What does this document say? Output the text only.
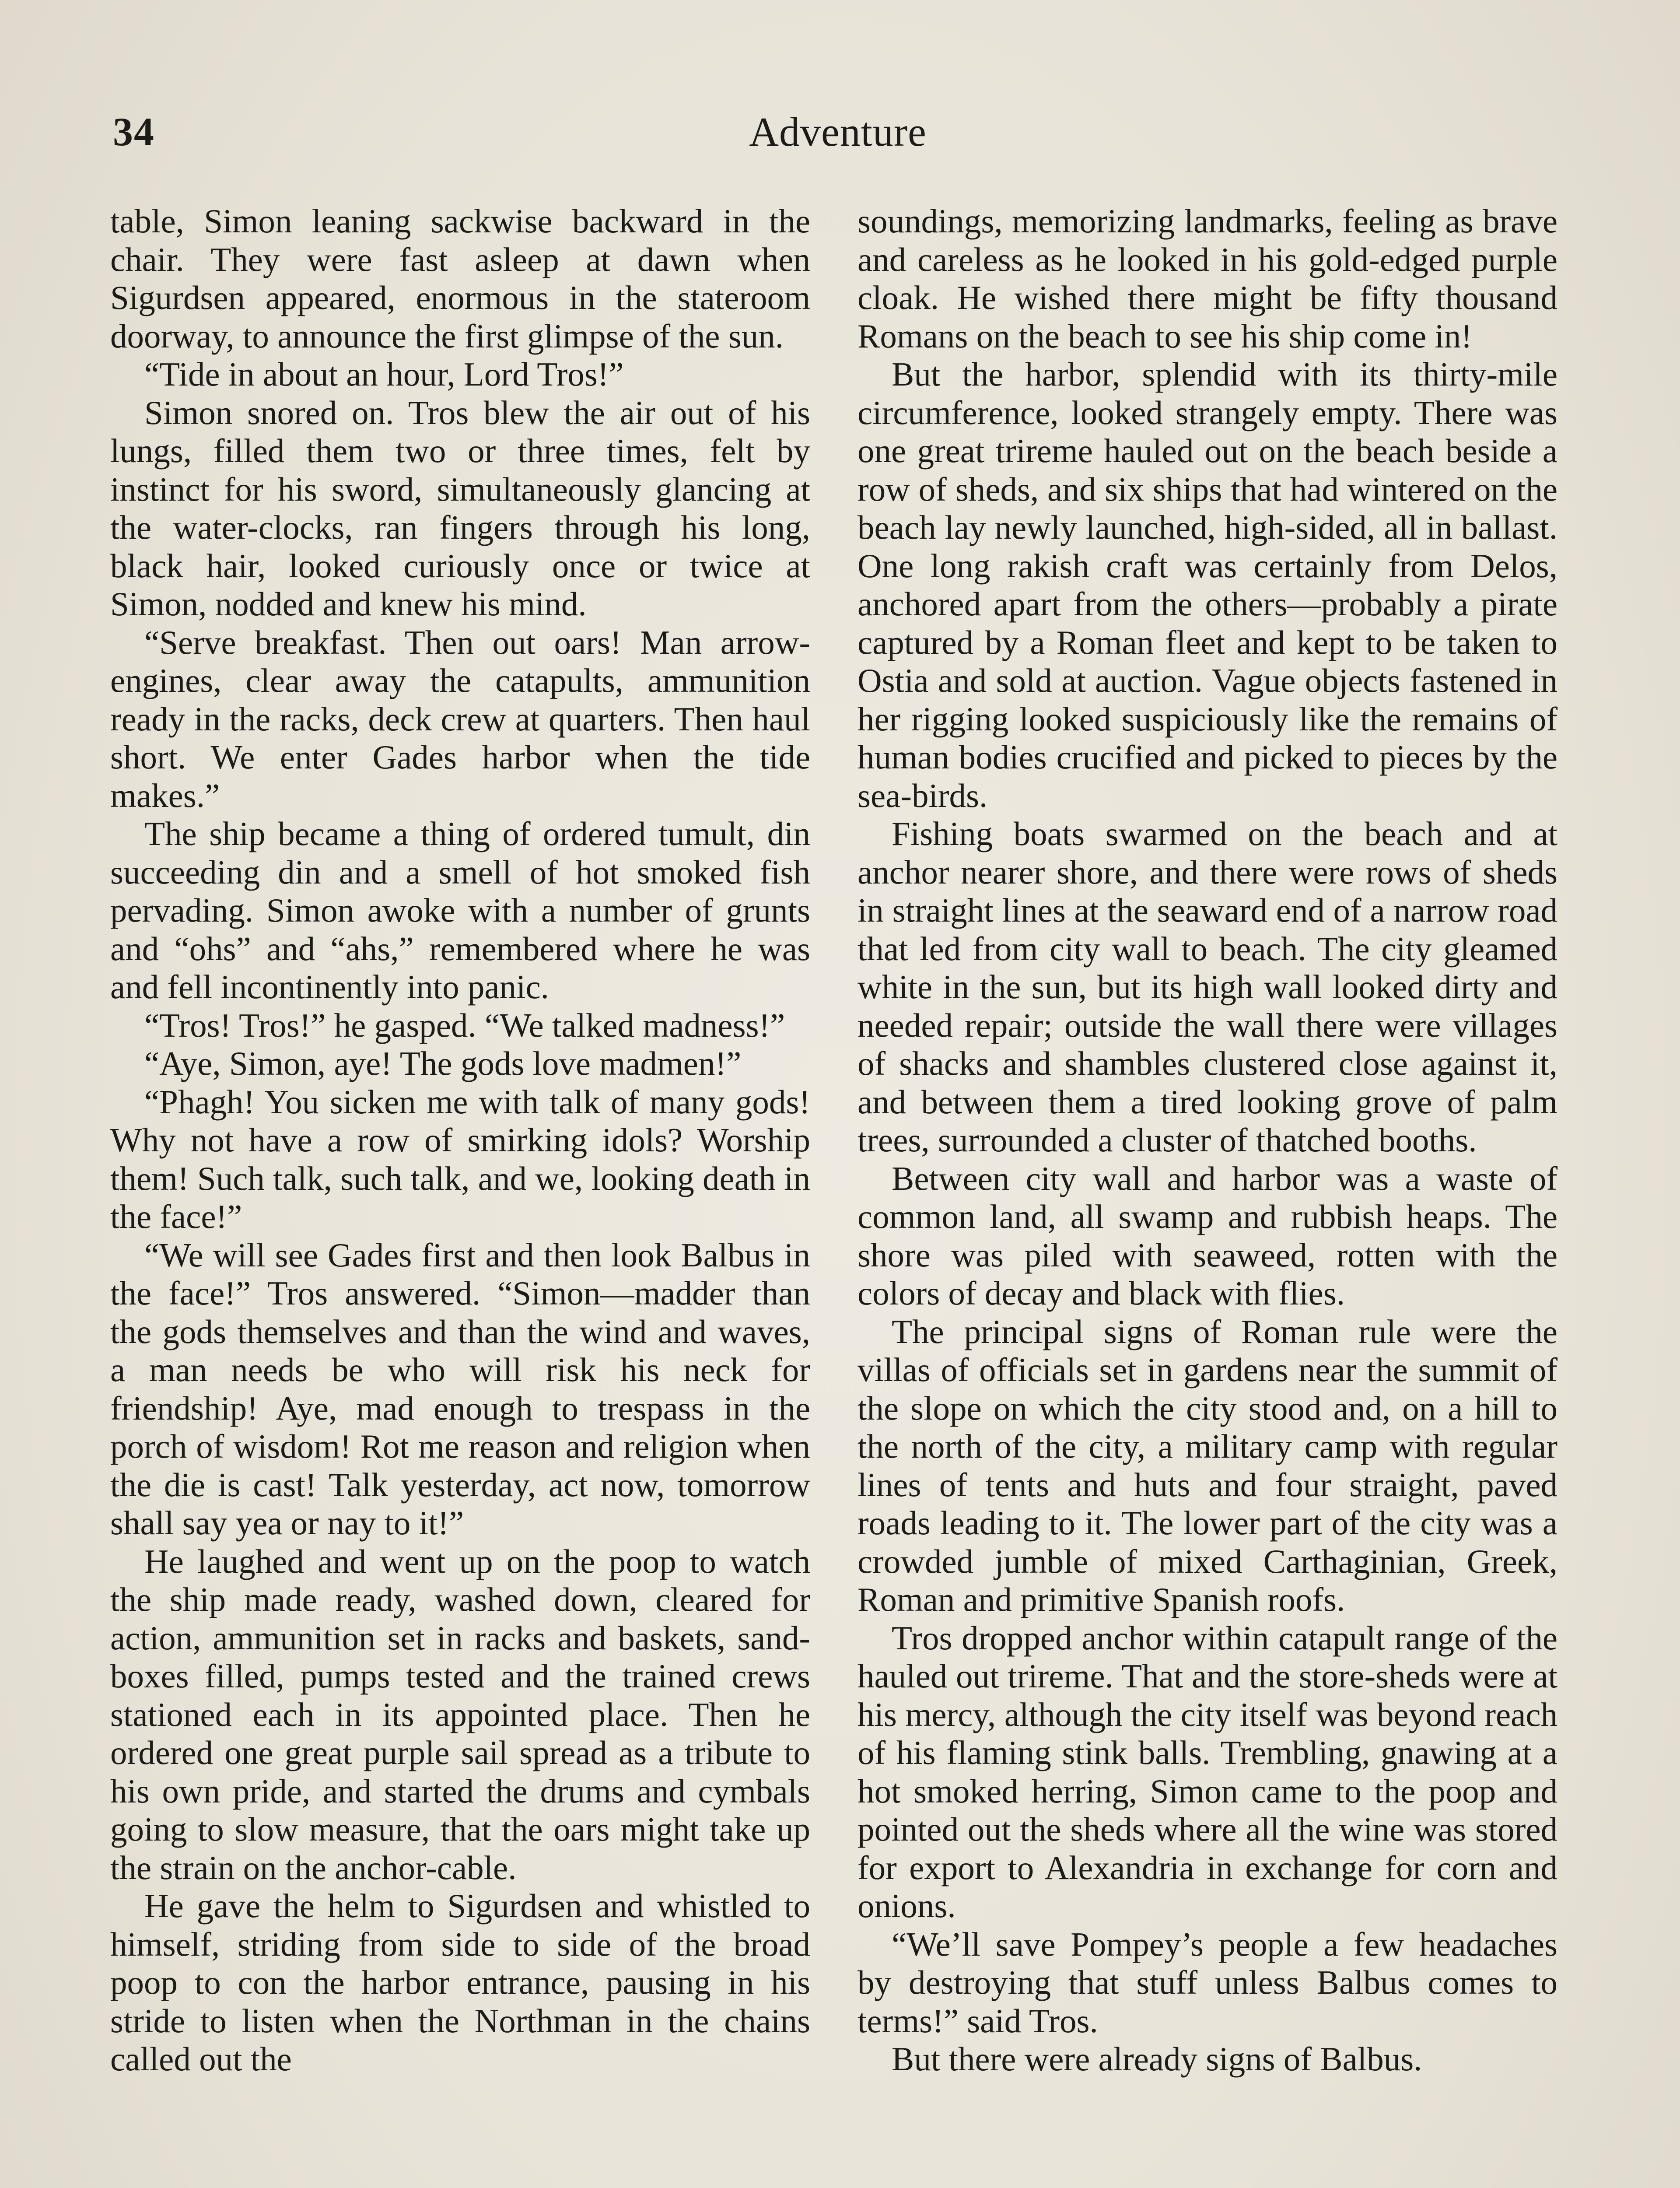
34	Adventure

table, Simon leaning sackwise backward in the chair. They were fast asleep at dawn when Sigurdsen appeared, enormous in the stateroom doorway, to announce the first glimpse of the sun.

“Tide in about an hour, Lord Tros!”

Simon snored on. Tros blew the air out of his lungs, filled them two or three times, felt by instinct for his sword, simultaneously glancing at the water-clocks, ran fingers through his long, black hair, looked curiously once or twice at Simon, nodded and knew his mind.

“Serve breakfast. Then out oars! Man arrow-engines, clear away the catapults, ammunition ready in the racks, deck crew at quarters. Then haul short. We enter Gades harbor when the tide makes.”

The ship became a thing of ordered tumult, din succeeding din and a smell of hot smoked fish pervading. Simon awoke with a number of grunts and “ohs” and “ahs,” remembered where he was and fell incontinently into panic.

“Tros! Tros!” he gasped. “We talked madness!”

“Aye, Simon, aye! The gods love madmen!”

“Phagh! You sicken me with talk of many gods! Why not have a row of smirking idols? Worship them! Such talk, such talk, and we, looking death in the face!”

“We will see Gades first and then look Balbus in the face!” Tros answered. “Simon—madder than the gods themselves and than the wind and waves, a man needs be who will risk his neck for friendship! Aye, mad enough to trespass in the porch of wisdom! Rot me reason and religion when the die is cast! Talk yesterday, act now, tomorrow shall say yea or nay to it!”

He laughed and went up on the poop to watch the ship made ready, washed down, cleared for action, ammunition set in racks and baskets, sand-boxes filled, pumps tested and the trained crews stationed each in its appointed place. Then he ordered one great purple sail spread as a tribute to his own pride, and started the drums and cymbals going to slow measure, that the oars might take up the strain on the anchor-cable.

He gave the helm to Sigurdsen and whistled to himself, striding from side to side of the broad poop to con the harbor entrance, pausing in his stride to listen when the Northman in the chains called out the

soundings, memorizing landmarks, feeling as brave and careless as he looked in his gold-edged purple cloak. He wished there might be fifty thousand Romans on the beach to see his ship come in!

But the harbor, splendid with its thirty-mile circumference, looked strangely empty. There was one great trireme hauled out on the beach beside a row of sheds, and six ships that had wintered on the beach lay newly launched, high-sided, all in ballast. One long rakish craft was certainly from Delos, anchored apart from the others—probably a pirate captured by a Roman fleet and kept to be taken to Ostia and sold at auction. Vague objects fastened in her rigging looked suspiciously like the remains of human bodies crucified and picked to pieces by the sea-birds.

Fishing boats swarmed on the beach and at anchor nearer shore, and there were rows of sheds in straight lines at the seaward end of a narrow road that led from city wall to beach. The city gleamed white in the sun, but its high wall looked dirty and needed repair; outside the wall there were villages of shacks and shambles clustered close against it, and between them a tired looking grove of palm trees, surrounded a cluster of thatched booths.

Between city wall and harbor was a waste of common land, all swamp and rubbish heaps. The shore was piled with seaweed, rotten with the colors of decay and black with flies.

The principal signs of Roman rule were the villas of officials set in gardens near the summit of the slope on which the city stood and, on a hill to the north of the city, a military camp with regular lines of tents and huts and four straight, paved roads leading to it. The lower part of the city was a crowded jumble of mixed Carthaginian, Greek, Roman and primitive Spanish roofs.

Tros dropped anchor within catapult range of the hauled out trireme. That and the store-sheds were at his mercy, although the city itself was beyond reach of his flaming stink balls. Trembling, gnawing at a hot smoked herring, Simon came to the poop and pointed out the sheds where all the wine was stored for export to Alexandria in exchange for corn and onions.

“We’ll save Pompey’s people a few headaches by destroying that stuff unless Balbus comes to terms!” said Tros.

But there were already signs of Balbus.
